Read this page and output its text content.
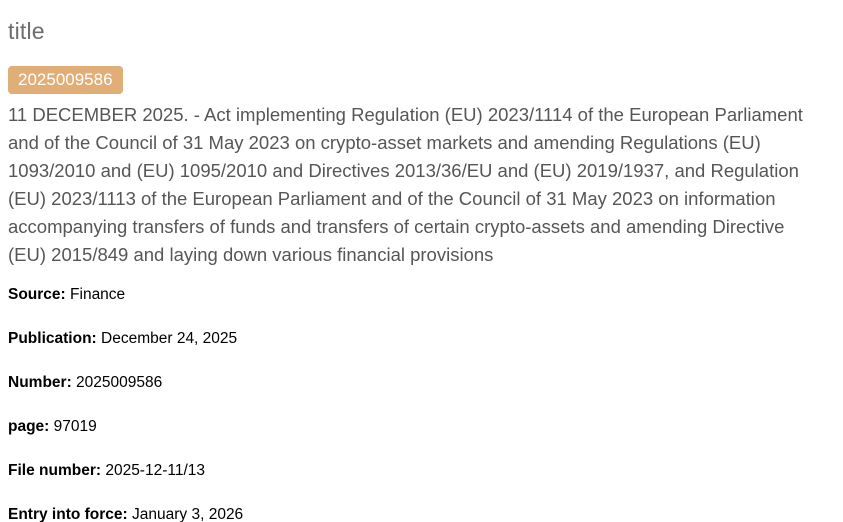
title
2025009586

11 DECEMBER 2025. - Act implementing Regulation (EU) 2023/1114 of the European Parliament and of the Council of 31 May 2023 on crypto-asset markets and amending Regulations (EU) 1093/2010 and (EU) 1095/2010 and Directives 2013/36/EU and (EU) 2019/1937, and Regulation (EU) 2023/1113 of the European Parliament and of the Council of 31 May 2023 on information accompanying transfers of funds and transfers of certain crypto-assets and amending Directive (EU) 2015/849 and laying down various financial provisions

Source: Finance

Publication: December 24, 2025

Number: 2025009586

page: 97019

File number: 2025-12-11/13

Entry into force: January 3, 2026
